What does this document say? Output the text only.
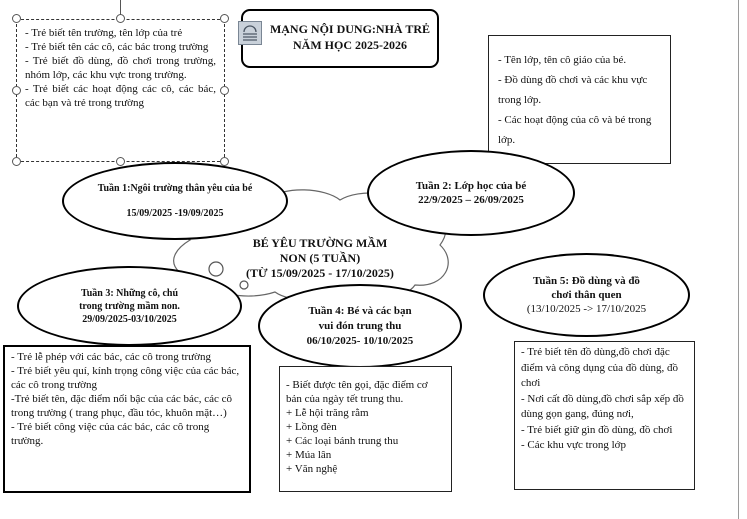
BÉ YÊU TRƯỜNG MẦM
NON (5 TUẦN)
(TỪ 15/09/2025 - 17/10/2025)
MẠNG NỘI DUNG:NHÀ TRẺ
NĂM HỌC 2025-2026
- Trẻ biết tên trường, tên lớp của trẻ
- Trẻ biết tên các cô, các bác trong trường
- Trẻ biết đồ dùng, đồ chơi trong trường, nhóm lớp, các khu vực trong trường.
- Trẻ biết các hoạt động các cô, các bác, các bạn và trẻ trong trường
- Tên lớp, tên cô giáo của bé.
- Đồ dùng đồ chơi và các khu vực trong lớp.
- Các hoạt động của cô và bé trong lớp.
Tuần 1:Ngôi trường thân yêu của bé
15/09/2025 -19/09/2025
Tuần 2: Lớp học của bé
22/9/2025 – 26/09/2025
Tuần 3: Những cô, chú
trong trường mầm non.
29/09/2025-03/10/2025
Tuần 4: Bé và các bạn
vui đón trung thu
06/10/2025- 10/10/2025
Tuần 5: Đồ dùng và đồ
chơi thân quen
(13/10/2025 -> 17/10/2025
- Trẻ lễ phép với các bác, các cô trong trường
- Trẻ biết yêu quí, kính trọng công việc của các bác, các cô trong trường
-Trẻ biết tên, đặc điểm nổi bậc của các bác, các cô trong trường ( trang phục, đầu tóc, khuôn mặt…)
- Trẻ biết công việc của các bác, các cô trong trường.
- Biết được tên gọi, đặc điểm cơ bản của ngày tết trung thu.
+ Lễ hội trăng rằm
+ Lồng đèn
+ Các loại bánh trung thu
+ Múa lân
+ Văn nghệ
- Trẻ biết tên đồ dùng,đồ chơi đặc điểm và công dụng của đồ dùng, đồ chơi
- Nơi cất đồ dùng,đồ chơi sắp xếp đồ dùng gọn gang, đúng nơi,
- Trẻ biết giữ gìn đồ dùng, đồ chơi
- Các khu vực trong lớp
